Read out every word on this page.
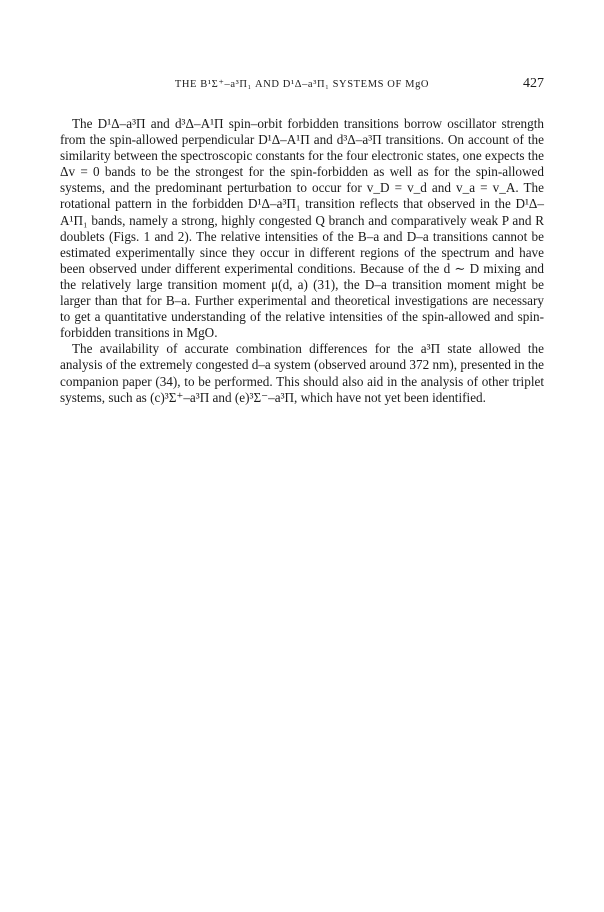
THE B¹Σ⁺–a³Π₁ AND D¹Δ–a³Π₁ SYSTEMS OF MgO	427

The D¹Δ–a³Π and d³Δ–A¹Π spin–orbit forbidden transitions borrow oscillator strength from the spin-allowed perpendicular D¹Δ–A¹Π and d³Δ–a³Π transitions. On account of the similarity between the spectroscopic constants for the four electronic states, one expects the Δv = 0 bands to be the strongest for the spin-forbidden as well as for the spin-allowed systems, and the predominant perturbation to occur for v_D = v_d and v_a = v_A. The rotational pattern in the forbidden D¹Δ–a³Π₁ transition reflects that observed in the D¹Δ–A¹Π₁ bands, namely a strong, highly congested Q branch and comparatively weak P and R doublets (Figs. 1 and 2). The relative intensities of the B–a and D–a transitions cannot be estimated experimentally since they occur in different regions of the spectrum and have been observed under different experimental conditions. Because of the d ∼ D mixing and the relatively large transition moment μ(d, a) (31), the D–a transition moment might be larger than that for B–a. Further experimental and theoretical investigations are necessary to get a quantitative understanding of the relative intensities of the spin-allowed and spin-forbidden transitions in MgO.

The availability of accurate combination differences for the a³Π state allowed the analysis of the extremely congested d–a system (observed around 372 nm), presented in the companion paper (34), to be performed. This should also aid in the analysis of other triplet systems, such as (c)³Σ⁺–a³Π and (e)³Σ⁻–a³Π, which have not yet been identified.
